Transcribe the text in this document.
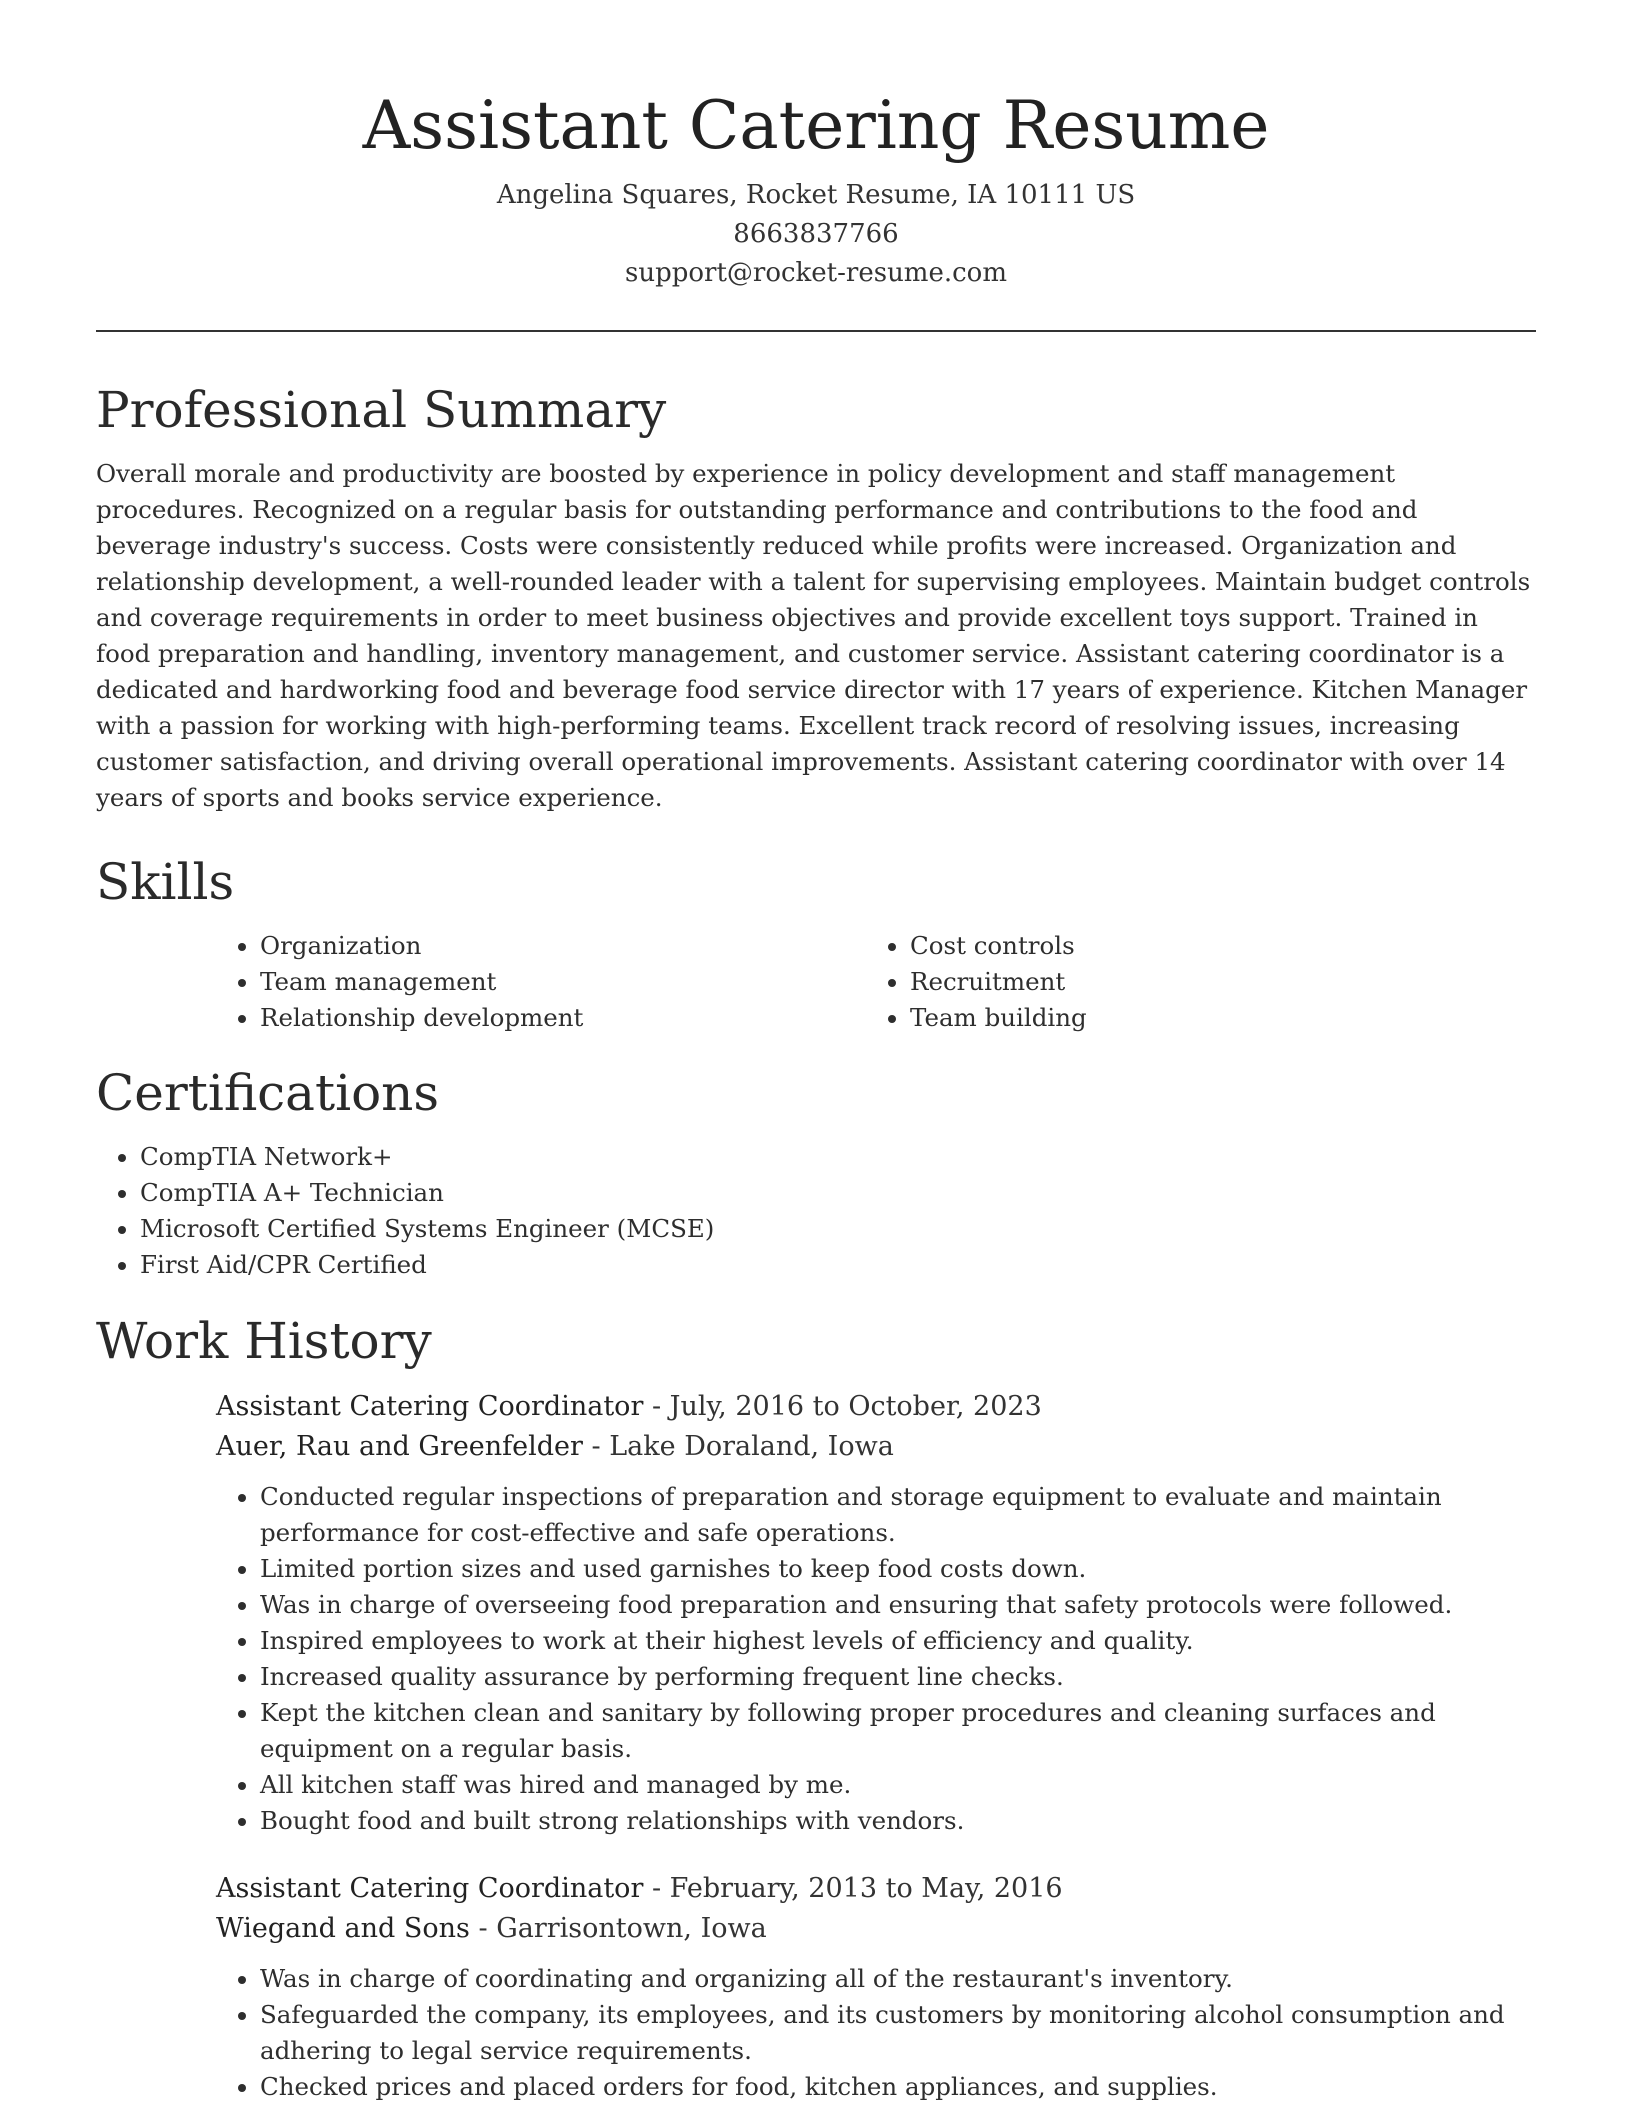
Assistant Catering Resume
Angelina Squares, Rocket Resume, IA 10111 US
8663837766
support@rocket-resume.com
Professional Summary

Overall morale and productivity are boosted by experience in policy development and staff management procedures. Recognized on a regular basis for outstanding performance and contributions to the food and beverage industry's success. Costs were consistently reduced while profits were increased. Organization and relationship development, a well-rounded leader with a talent for supervising employees. Maintain budget controls and coverage requirements in order to meet business objectives and provide excellent toys support. Trained in food preparation and handling, inventory management, and customer service. Assistant catering coordinator is a dedicated and hardworking food and beverage food service director with 17 years of experience. Kitchen Manager with a passion for working with high-performing teams. Excellent track record of resolving issues, increasing customer satisfaction, and driving overall operational improvements. Assistant catering coordinator with over 14 years of sports and books service experience.

Skills
• Organization
• Team management
• Relationship development
• Cost controls
• Recruitment
• Team building
Certifications
• CompTIA Network+
• CompTIA A+ Technician
• Microsoft Certified Systems Engineer (MCSE)
• First Aid/CPR Certified
Work History
Assistant Catering Coordinator - July, 2016 to October, 2023
Auer, Rau and Greenfelder - Lake Doraland, Iowa
• Conducted regular inspections of preparation and storage equipment to evaluate and maintain performance for cost-effective and safe operations.
• Limited portion sizes and used garnishes to keep food costs down.
• Was in charge of overseeing food preparation and ensuring that safety protocols were followed.
• Inspired employees to work at their highest levels of efficiency and quality.
• Increased quality assurance by performing frequent line checks.
• Kept the kitchen clean and sanitary by following proper procedures and cleaning surfaces and equipment on a regular basis.
• All kitchen staff was hired and managed by me.
• Bought food and built strong relationships with vendors.
Assistant Catering Coordinator - February, 2013 to May, 2016
Wiegand and Sons - Garrisontown, Iowa
• Was in charge of coordinating and organizing all of the restaurant's inventory.
• Safeguarded the company, its employees, and its customers by monitoring alcohol consumption and adhering to legal service requirements.
• Checked prices and placed orders for food, kitchen appliances, and supplies.
